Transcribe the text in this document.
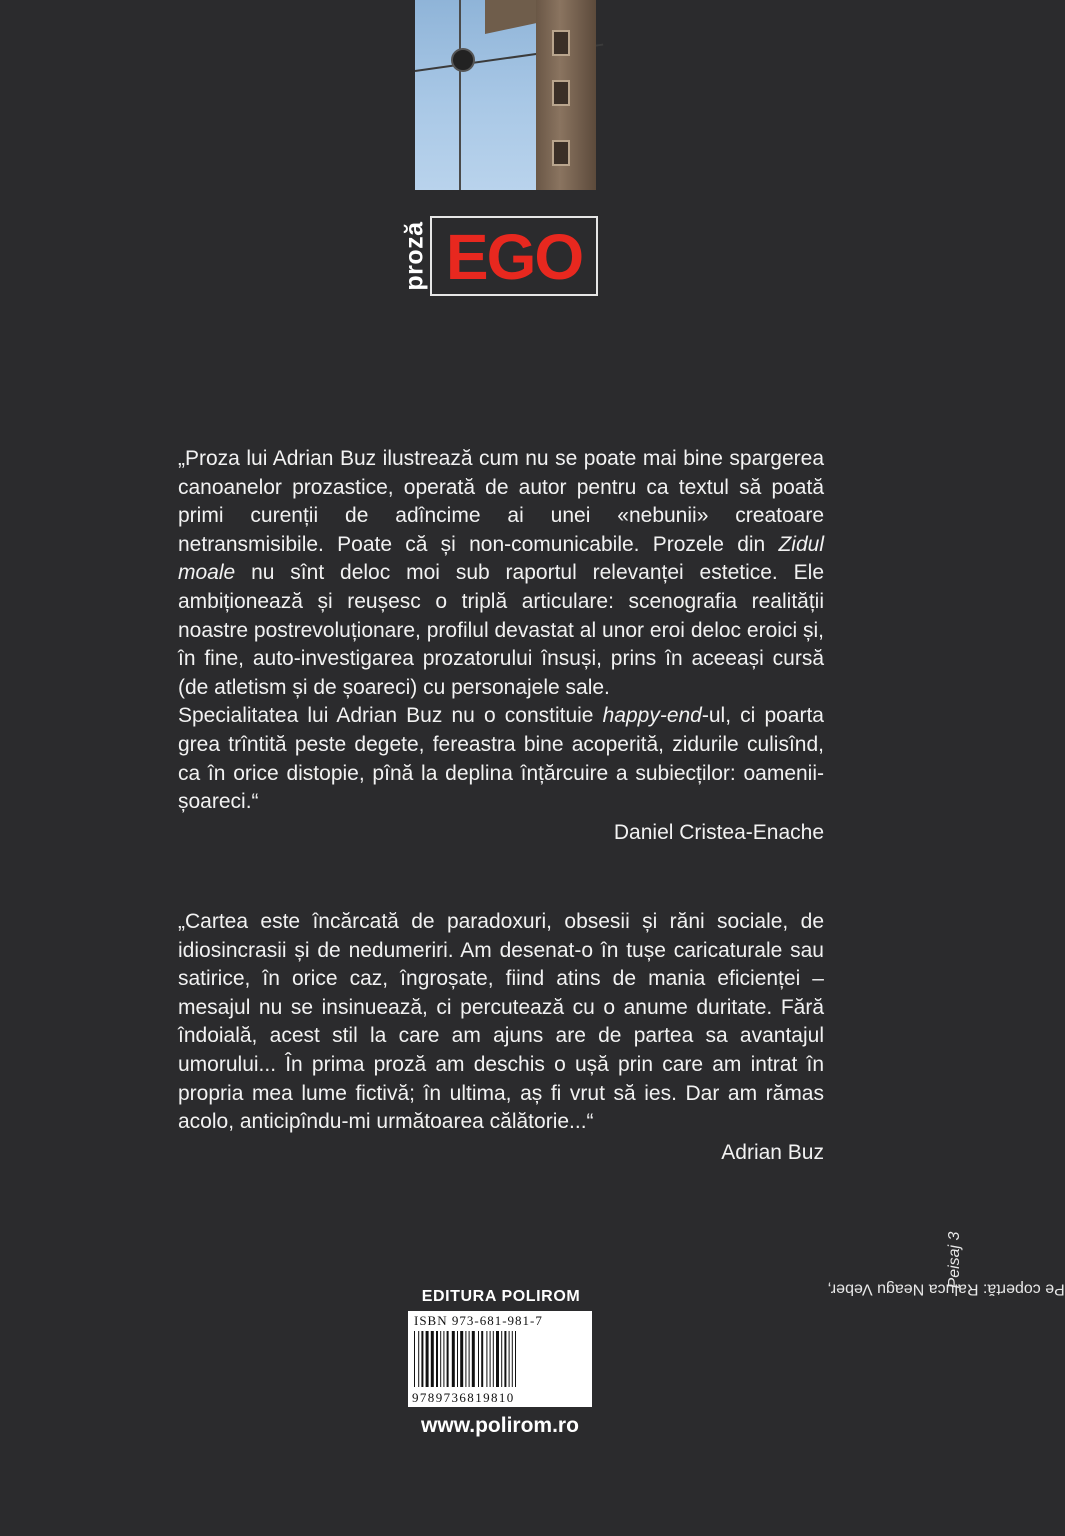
proză EGO

„Proza lui Adrian Buz ilustrează cum nu se poate mai bine spargerea canoanelor prozastice, operată de autor pentru ca textul să poată primi curenții de adîncime ai unei «nebunii» creatoare netransmisibile. Poate că și non-comunicabile. Prozele din Zidul moale nu sînt deloc moi sub raportul relevanței estetice. Ele ambiționează și reușesc o triplă articulare: scenografia realității noastre postrevoluționare, profilul devastat al unor eroi deloc eroici și, în fine, auto-investigarea prozatorului însuși, prins în aceeași cursă (de atletism și de șoareci) cu personajele sale.

Specialitatea lui Adrian Buz nu o constituie happy-end-ul, ci poarta grea trîntită peste degete, fereastra bine acoperită, zidurile culisînd, ca în orice distopie, pînă la deplina înțărcuire a subiecților: oamenii-șoareci.“

Daniel Cristea-Enache

„Cartea este încărcată de paradoxuri, obsesii și răni sociale, de idiosincrasii și de nedumeriri. Am desenat-o în tușe caricaturale sau satirice, în orice caz, îngroșate, fiind atins de mania eficienței – mesajul nu se insinuează, ci percutează cu o anume duritate. Fără îndoială, acest stil la care am ajuns are de partea sa avantajul umorului... În prima proză am deschis o ușă prin care am intrat în propria mea lume fictivă; în ultima, aș fi vrut să ies. Dar am rămas acolo, anticipîndu-mi următoarea călătorie...“

Adrian Buz

EDITURA POLIROM
ISBN 973-681-981-7
9789736819810
www.polirom.ro
Pe copertă: Raluca Neagu Veber,
Peisaj 3
